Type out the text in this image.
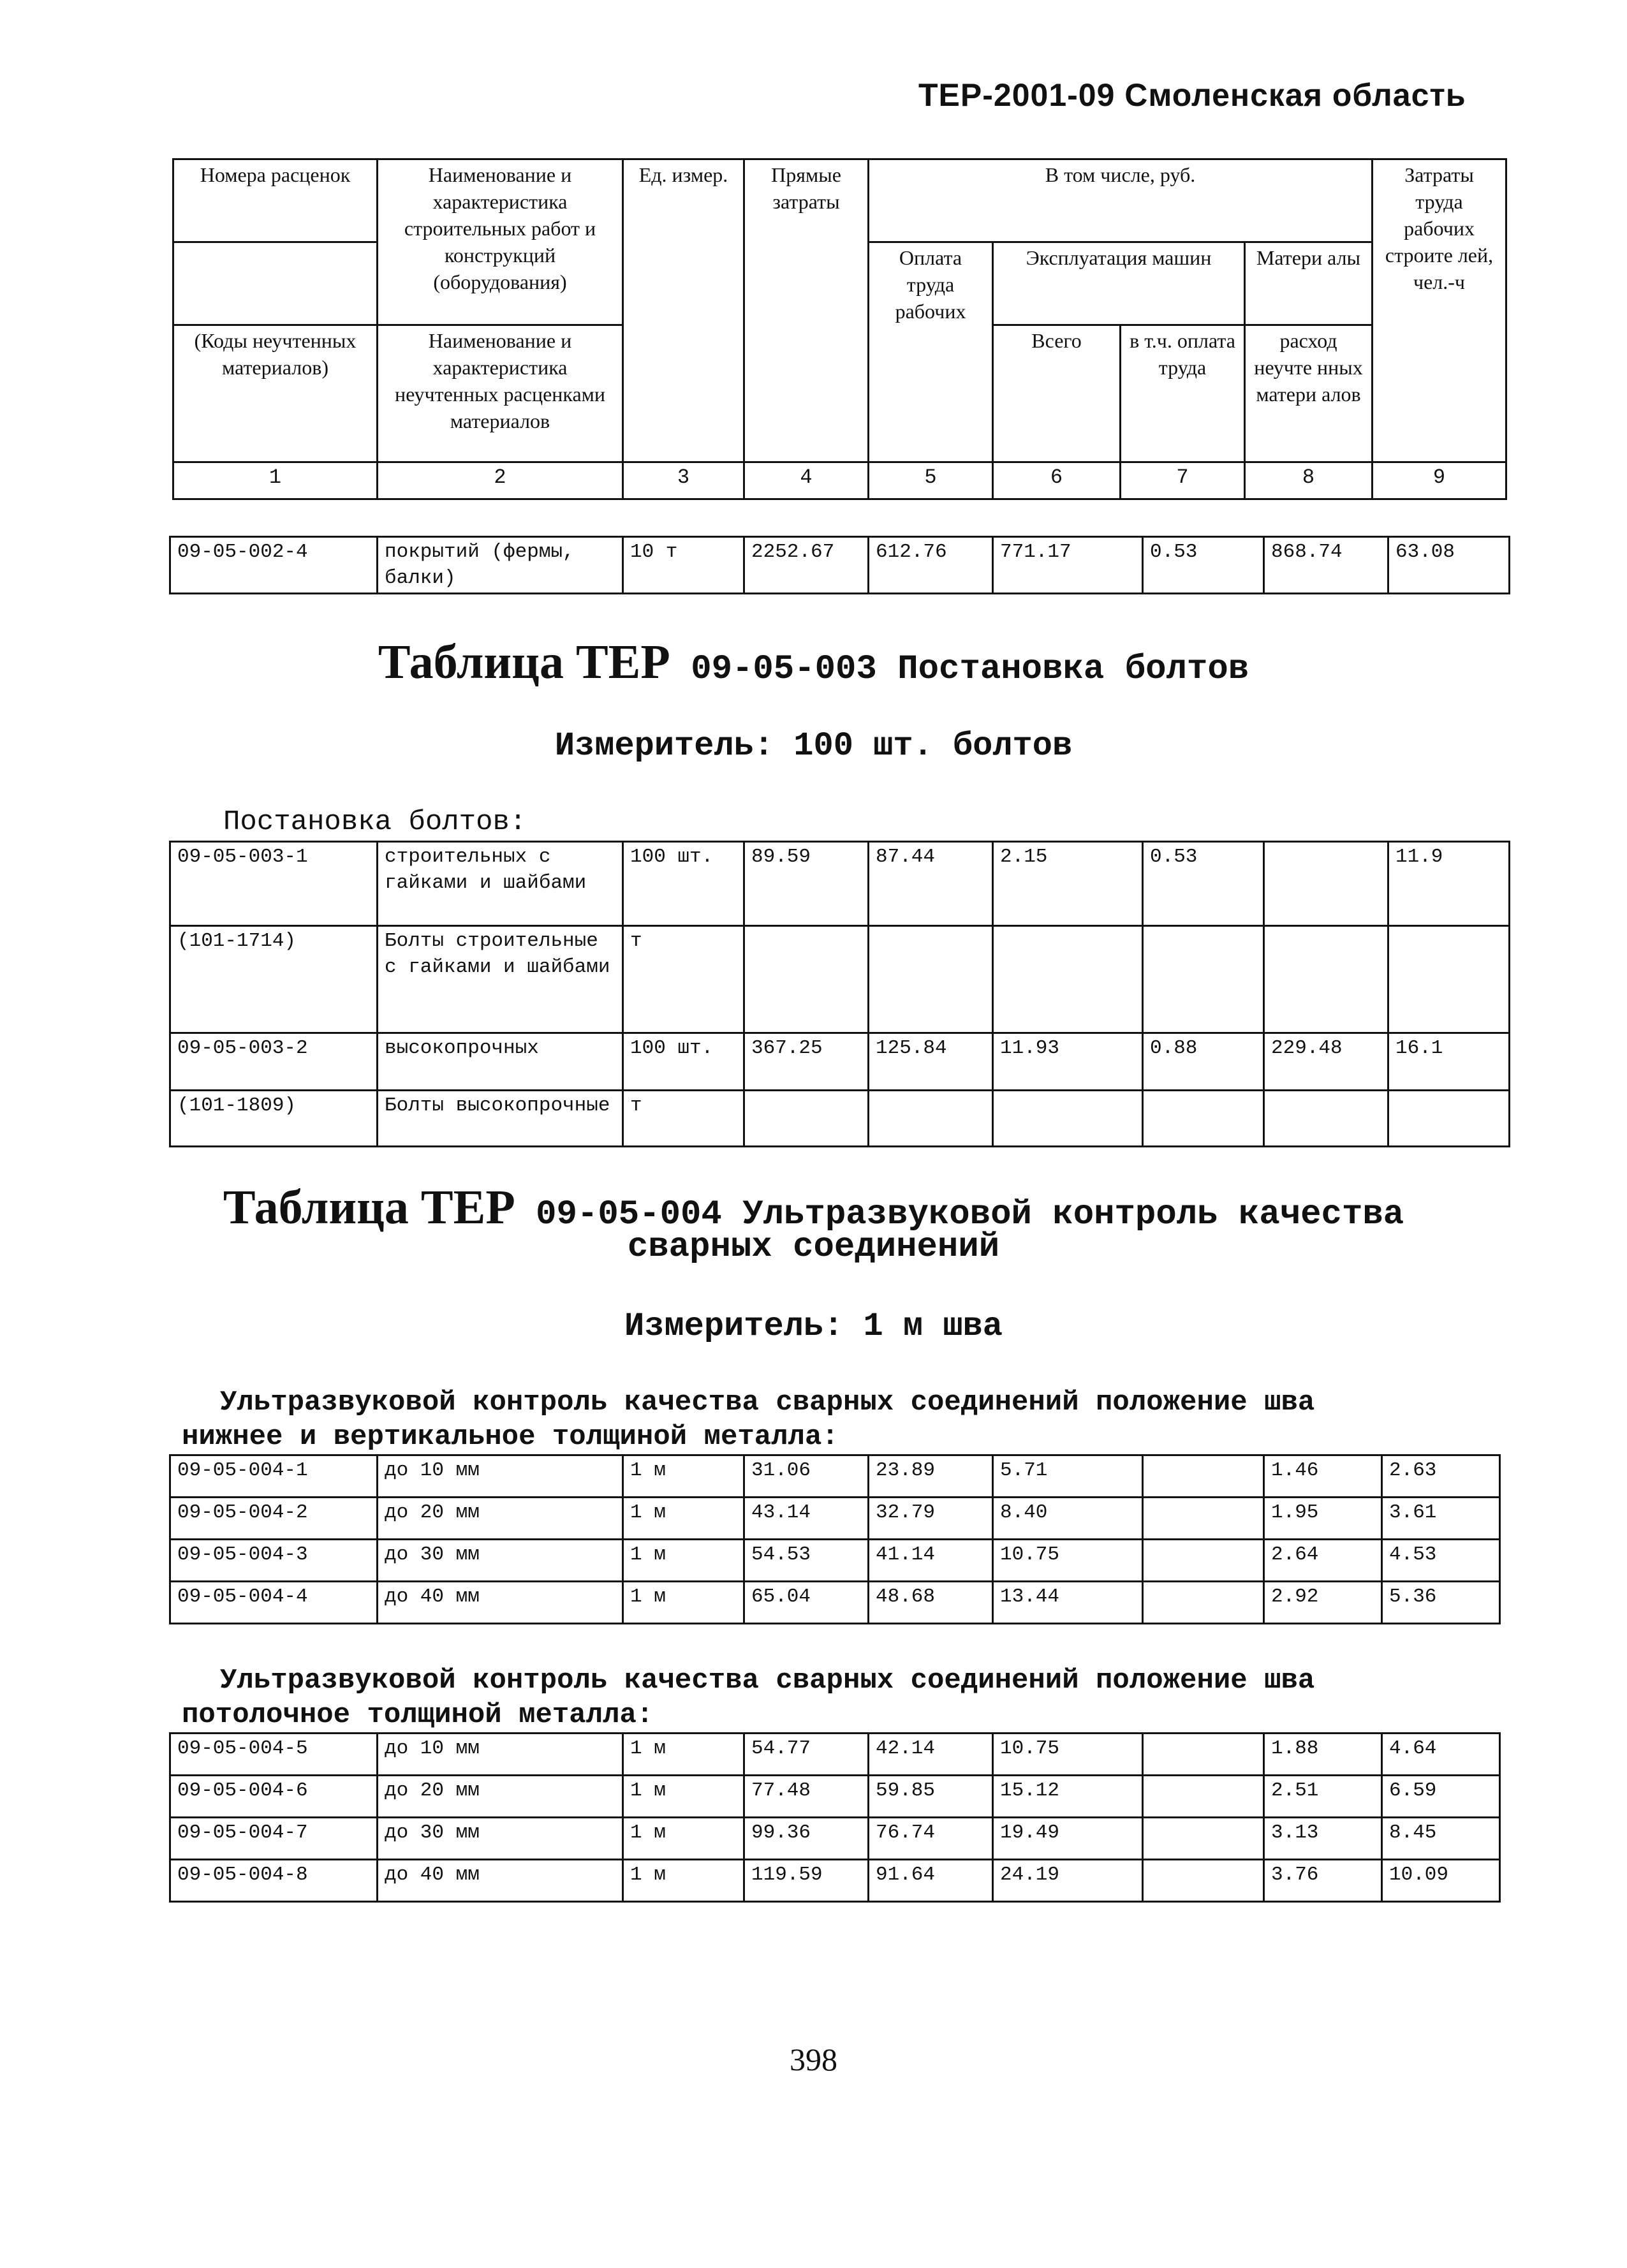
ТЕР-2001-09 Смоленская область
Номера расценок	Наименование и характеристика строительных работ и конструкций (оборудования)	Ед. измер.	Прямые затраты	В том числе, руб.				Затраты труда рабочих строите лей, чел.-ч
				Оплата труда рабочих	Эксплуатация машин		Матери алы	
(Коды неучтенных материалов)	Наименование и характеристика неучтенных расценками материалов				Всего	в т.ч. оплата труда	расход неучте нных матери алов	
1	2	3	4	5	6	7	8	9
09-05-002-4	покрытий (фермы, балки)	10 т	2252.67	612.76	771.17	0.53	868.74	63.08
Таблица ТЕР 09-05-003 Постановка болтов
Измеритель: 100 шт. болтов
Постановка болтов:
09-05-003-1	строительных с гайками и шайбами	100 шт.	89.59	87.44	2.15	0.53		11.9
(101-1714)	Болты строительные с гайками и шайбами	т						
09-05-003-2	высокопрочных	100 шт.	367.25	125.84	11.93	0.88	229.48	16.1
(101-1809)	Болты высокопрочные	т						
Таблица ТЕР 09-05-004 Ультразвуковой контроль качества
сварных соединений
Измеритель: 1 м шва
Ультразвуковой контроль качества сварных соединений положение шва
нижнее и вертикальное толщиной металла:
09-05-004-1	до 10 мм	1 м	31.06	23.89	5.71		1.46	2.63
09-05-004-2	до 20 мм	1 м	43.14	32.79	8.40		1.95	3.61
09-05-004-3	до 30 мм	1 м	54.53	41.14	10.75		2.64	4.53
09-05-004-4	до 40 мм	1 м	65.04	48.68	13.44		2.92	5.36
Ультразвуковой контроль качества сварных соединений положение шва
потолочное толщиной металла:
09-05-004-5	до 10 мм	1 м	54.77	42.14	10.75		1.88	4.64
09-05-004-6	до 20 мм	1 м	77.48	59.85	15.12		2.51	6.59
09-05-004-7	до 30 мм	1 м	99.36	76.74	19.49		3.13	8.45
09-05-004-8	до 40 мм	1 м	119.59	91.64	24.19		3.76	10.09
398
